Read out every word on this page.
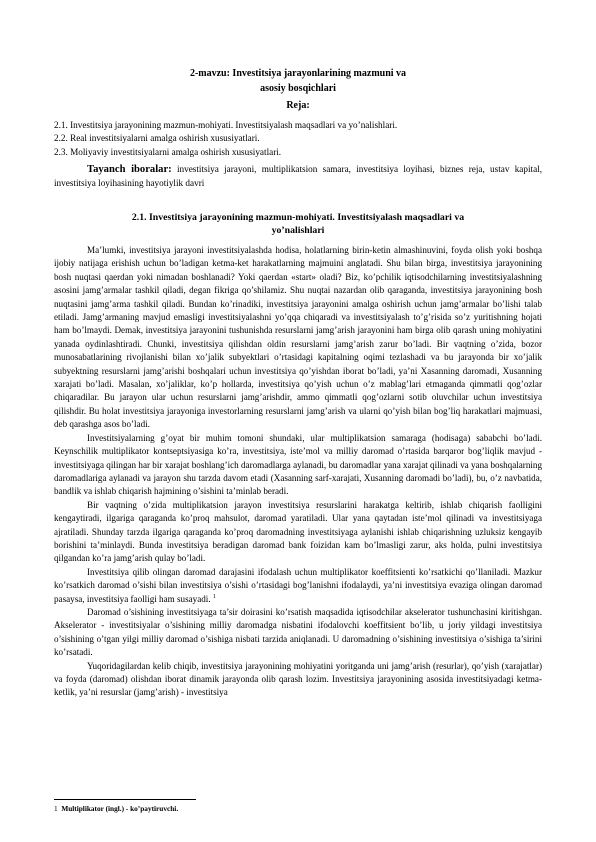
2-mavzu: Investitsiya jarayonlarining mazmuni va
asosiy bosqichlari
Reja:
2.1. Investitsiya jarayonining mazmun-mohiyati. Investitsiyalash maqsadlari va yo’nalishlari.
2.2. Real investitsiyalarni amalga oshirish xususiyatlari.
2.3. Moliyaviy investitsiyalarni amalga oshirish xususiyatlari.
Tayanch iboralar: investitsiya jarayoni, multiplikatsion samara, investitsiya loyihasi, biznes reja, ustav kapital, investitsiya loyihasining hayotiylik davri
2.1. Investitsiya jarayonining mazmun-mohiyati. Investitsiyalash maqsadlari va
yo’nalishlari

Ma’lumki, investitsiya jarayoni investitsiyalashda hodisa, holatlarning birin-ketin almashinuvini, foyda olish yoki boshqa ijobiy natijaga erishish uchun bo’ladigan ketma-ket harakatlarning majmuini anglatadi. Shu bilan birga, investitsiya jarayonining bosh nuqtasi qaerdan yoki nimadan boshlanadi? Yoki qaerdan «start» oladi? Biz, ko’pchilik iqtisodchilarning investitsiyalashning asosini jamg’armalar tashkil qiladi, degan fikriga qo’shilamiz. Shu nuqtai nazardan olib qaraganda, investitsiya jarayonining bosh nuqtasini jamg’arma tashkil qiladi. Bundan ko’rinadiki, investitsiya jarayonini amalga oshirish uchun jamg’armalar bo’lishi talab etiladi. Jamg’armaning mavjud emasligi investitsiyalashni yo’qqa chiqaradi va investitsiyalash to’g’risida so’z yuritishning hojati ham bo’lmaydi. Demak, investitsiya jarayonini tushunishda resurslarni jamg’arish jarayonini ham birga olib qarash uning mohiyatini yanada oydinlashtiradi. Chunki, investitsiya qilishdan oldin resurslarni jamg’arish zarur bo’ladi. Bir vaqtning o’zida, bozor munosabatlarining rivojlanishi bilan xo’jalik subyektlari o’rtasidagi kapitalning oqimi tezlashadi va bu jarayonda bir xo’jalik subyektning resurslarni jamg’arishi boshqalari uchun investitsiya qo’yishdan iborat bo’ladi, ya’ni Xasanning daromadi, Xusanning xarajati bo’ladi. Masalan, xo’jaliklar, ko’p hollarda, investitsiya qo’yish uchun o’z mablag’lari etmaganda qimmatli qog’ozlar chiqaradilar. Bu jarayon ular uchun resurslarni jamg’arishdir, ammo qimmatli qog’ozlarni sotib oluvchilar uchun investitsiya qilishdir. Bu holat investitsiya jarayoniga investorlarning resurslarni jamg’arish va ularni qo’yish bilan bog’liq harakatlari majmuasi, deb qarashga asos bo’ladi.

Investitsiyalarning g’oyat bir muhim tomoni shundaki, ular multiplikatsion samaraga (hodisaga) sababchi bo’ladi. Keynschilik multiplikator kontseptsiyasiga ko’ra, investitsiya, iste’mol va milliy daromad o’rtasida barqaror bog’liqlik mavjud - investitsiyaga qilingan har bir xarajat boshlang’ich daromadlarga aylanadi, bu daromadlar yana xarajat qilinadi va yana boshqalarning daromadlariga aylanadi va jarayon shu tarzda davom etadi (Xasanning sarf-xarajati, Xusanning daromadi bo’ladi), bu, o’z navbatida, bandlik va ishlab chiqarish hajmining o’sishini ta’minlab beradi.

Bir vaqtning o’zida multiplikatsion jarayon investitsiya resurslarini harakatga keltirib, ishlab chiqarish faolligini kengaytiradi, ilgariga qaraganda ko’proq mahsulot, daromad yaratiladi. Ular yana qaytadan iste’mol qilinadi va investitsiyaga ajratiladi. Shunday tarzda ilgariga qaraganda ko’proq daromadning investitsiyaga aylanishi ishlab chiqarishning uzluksiz kengayib borishini ta’minlaydi. Bunda investitsiya beradigan daromad bank foizidan kam bo’lmasligi zarur, aks holda, pulni investitsiya qilgandan ko’ra jamg’arish qulay bo’ladi.

Investitsiya qilib olingan daromad darajasini ifodalash uchun multiplikator koeffitsienti ko’rsatkichi qo’llaniladi. Mazkur ko’rsatkich daromad o’sishi bilan investitsiya o’sishi o’rtasidagi bog’lanishni ifodalaydi, ya’ni investitsiya evaziga olingan daromad pasaysa, investitsiya faolligi ham susayadi. $^1$

Daromad o’sishining investitsiyaga ta’sir doirasini ko’rsatish maqsadida iqtisodchilar akselerator tushunchasini kiritishgan. Akselerator - investitsiyalar o’sishining milliy daromadga nisbatini ifodalovchi koeffitsient bo’lib, u joriy yildagi investitsiya o’sishining o’tgan yilgi milliy daromad o’sishiga nisbati tarzida aniqlanadi. U daromadning o’sishining investitsiya o’sishiga ta’sirini ko’rsatadi.

Yuqoridagilardan kelib chiqib, investitsiya jarayonining mohiyatini yoritganda uni jamg’arish (resurlar), qo’yish (xarajatlar) va foyda (daromad) olishdan iborat dinamik jarayonda olib qarash lozim. Investitsiya jarayonining asosida investitsiyadagi ketma-ketlik, ya’ni resurslar (jamg’arish) - investitsiya

1 Multiplikator (ingl.) - ko’paytiruvchi.
